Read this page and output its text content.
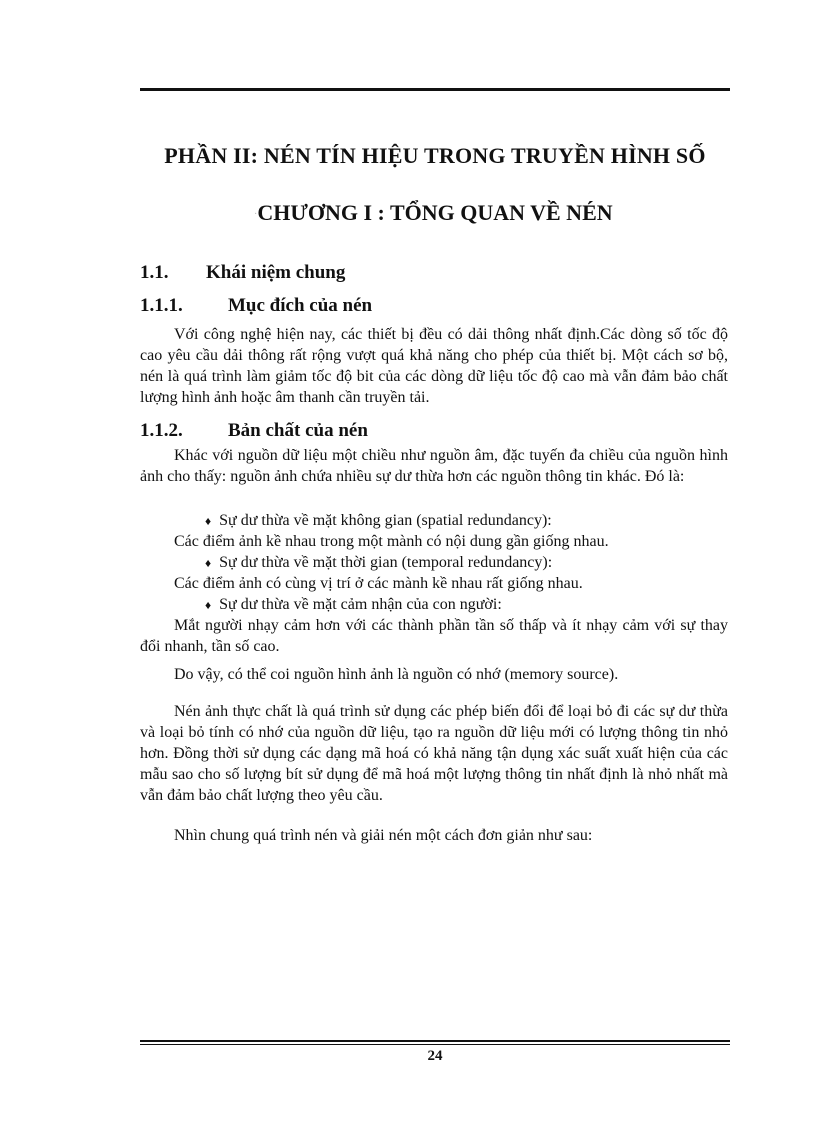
PHẦN II: NÉN TÍN HIỆU TRONG TRUYỀN HÌNH SỐ
· CHƯƠNG I : TỔNG QUAN VỀ NÉN
1.1. Khái niệm chung
1.1.1. Mục đích của nén

Với công nghệ hiện nay, các thiết bị đều có dải thông nhất định.Các dòng số tốc độ cao yêu cầu dải thông rất rộng vượt quá khả năng cho phép của thiết bị. Một cách sơ bộ, nén là quá trình làm giảm tốc độ bit của các dòng dữ liệu tốc độ cao mà vẫn đảm bảo chất lượng hình ảnh hoặc âm thanh cần truyền tải.

1.1.2. Bản chất của nén

Khác với nguồn dữ liệu một chiều như nguồn âm, đặc tuyến đa chiều của nguồn hình ảnh cho thấy: nguồn ảnh chứa nhiều sự dư thừa hơn các nguồn thông tin khác. Đó là:

♦ Sự dư thừa về mặt không gian (spatial redundancy):
Các điểm ảnh kề nhau trong một mành có nội dung gần giống nhau.
♦ Sự dư thừa về mặt thời gian (temporal redundancy):
Các điểm ảnh có cùng vị trí ở các mành kề nhau rất giống nhau.
♦ Sự dư thừa về mặt cảm nhận của con người:

Mắt người nhạy cảm hơn với các thành phần tần số thấp và ít nhạy cảm với sự thay đổi nhanh, tần số cao.

Do vậy, có thể coi nguồn hình ảnh là nguồn có nhớ (memory source).

Nén ảnh thực chất là quá trình sử dụng các phép biến đổi để loại bỏ đi các sự dư thừa và loại bỏ tính có nhớ của nguồn dữ liệu, tạo ra nguồn dữ liệu mới có lượng thông tin nhỏ hơn. Đồng thời sử dụng các dạng mã hoá có khả năng tận dụng xác suất xuất hiện của các mẫu sao cho số lượng bít sử dụng để mã hoá một lượng thông tin nhất định là nhỏ nhất mà vẫn đảm bảo chất lượng theo yêu cầu.

Nhìn chung quá trình nén và giải nén một cách đơn giản như sau:

24
